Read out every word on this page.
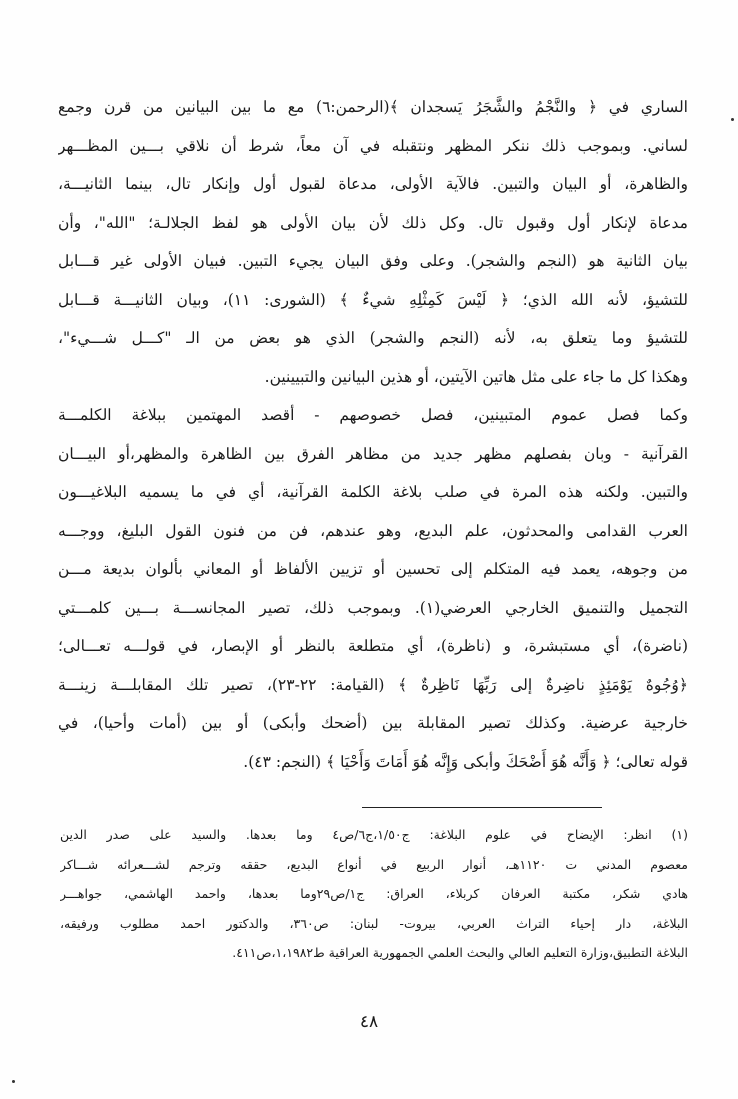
الساري في ﴿ والنَّجْمُ والشَّجَرُ يَسجدان ﴾(الرحمن:٦) مع ما بين البيانين من قرن وجمع
لساني. وبموجب ذلك ننكر المظهر ونتقبله في آن معاً، شرط أن نلاقي بـــين المظـــهر
والظاهرة، أو البيان والتبين. فالآية الأولى، مدعاة لقبول أول وإنكار تال، بينما الثانيـــة،
مدعاة لإنكار أول وقبول تال. وكل ذلك لأن بيان الأولى هو لفظ الجلالـة؛ "الله"، وأن
بيان الثانية هو (النجم والشجر). وعلى وفق البيان يجيء التبين. فبيان الأولى غير قـــابل
للتشيؤ، لأنه الله الذي؛ ﴿ لَيْسَ كَمِثْلِهِ شيءٌ ﴾ (الشورى: ١١)، وبيان الثانيـــة قـــابل
للتشيؤ وما يتعلق به، لأنه (النجم والشجر) الذي هو بعض من الـ "كـــل شـــيء"،
وهكذا كل ما جاء على مثل هاتين الآيتين، أو هذين البيانين والتبيينين.
وكما فصل عموم المتبينين، فصل خصوصهم - أقصد المهتمين ببلاغة الكلمـــة
القرآنية - وبان بفصلهم مظهر جديد من مظاهر الفرق بين الظاهرة والمظهر،أو البيـــان
والتبين. ولكنه هذه المرة في صلب بلاغة الكلمة القرآنية، أي في ما يسميه البلاغيـــون
العرب القدامى والمحدثون، علم البديع، وهو عندهم، فن من فنون القول البليغ، ووجـــه
من وجوهه، يعمد فيه المتكلم إلى تحسين أو تزيين الألفاظ أو المعاني بألوان بديعة مـــن
التجميل والتنميق الخارجي العرضي(١). وبموجب ذلك، تصير المجانســـة بـــين كلمـــتي
(ناضرة)، أي مستبشرة، و (ناظرة)، أي متطلعة بالنظر أو الإبصار، في قولـــه تعـــالى؛
﴿وُجُوهٌ يَوْمَئِذٍ ناضِرةٌ إلى رَبِّهَا نَاظِرةٌ ﴾ (القيامة: ٢٢-٢٣)، تصير تلك المقابلـــة زينـــة
خارجية عرضية. وكذلك تصير المقابلة بين (أضحك وأبكى) أو بين (أمات وأحيا)، في
قوله تعالى؛ ﴿ وَأَنَّه هُوَ أَضْحَكَ وأبكى وَإِنَّه هُوَ أَمَاتَ وَأَحْيَا ﴾ (النجم: ٤٣).
(١) انظر: الإيضاح في علوم البلاغة: ج١/٥٠،ج٦/ص٤ وما بعدها. والسيد على صدر الدين
معصوم المدني ت ١١٢٠هـ، أنوار الربيع في أنواع البديع، حققه وترجم لشـــعرائه شـــاكر
هادي شكر، مكتبة العرفان كربلاء، العراق: ج١/ص٢٩وما بعدها، واحمد الهاشمي، جواهـــر
البلاغة، دار إحياء التراث العربي، بيروت- لبنان: ص٣٦٠، والدكتور احمد مطلوب ورفيقه،
البلاغة التطبيق،وزارة التعليم العالي والبحث العلمي الجمهورية العراقية ط١،١٩٨٢،ص٤١١.
٤٨
